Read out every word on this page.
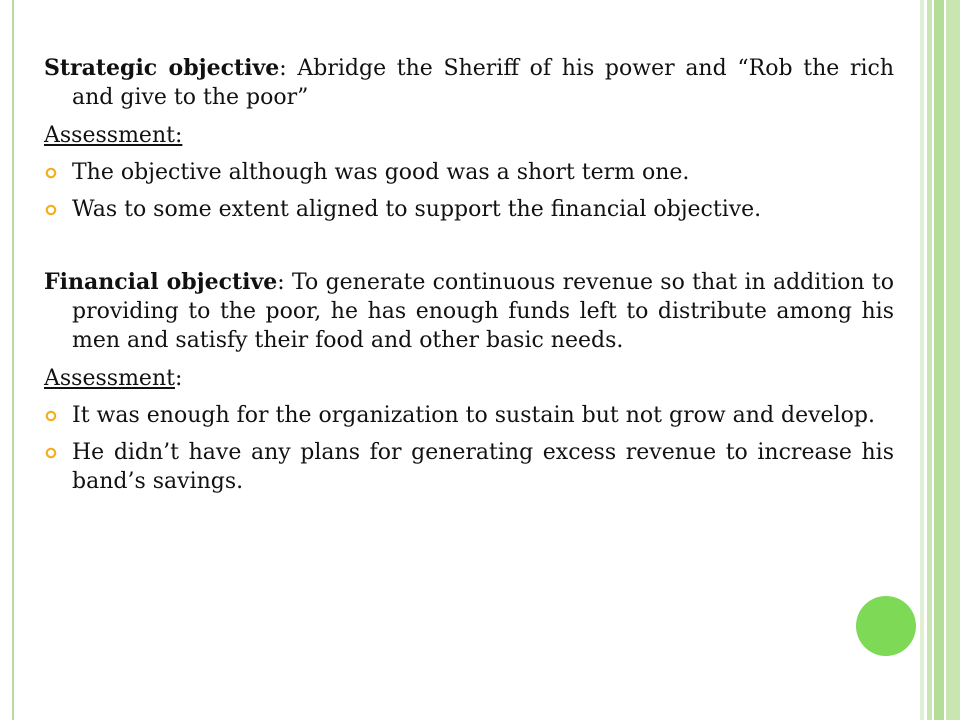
Strategic objective: Abridge the Sheriff of his power and “Rob the rich and give to the poor”

Assessment:

The objective although was good was a short term one.
Was to some extent aligned to support the financial objective.

Financial objective: To generate continuous revenue so that in addition to providing to the poor, he has enough funds left to distribute among his men and satisfy their food and other basic needs.

Assessment:

It was enough for the organization to sustain but not grow and develop.
He didn’t have any plans for generating excess revenue to increase his band’s savings.
